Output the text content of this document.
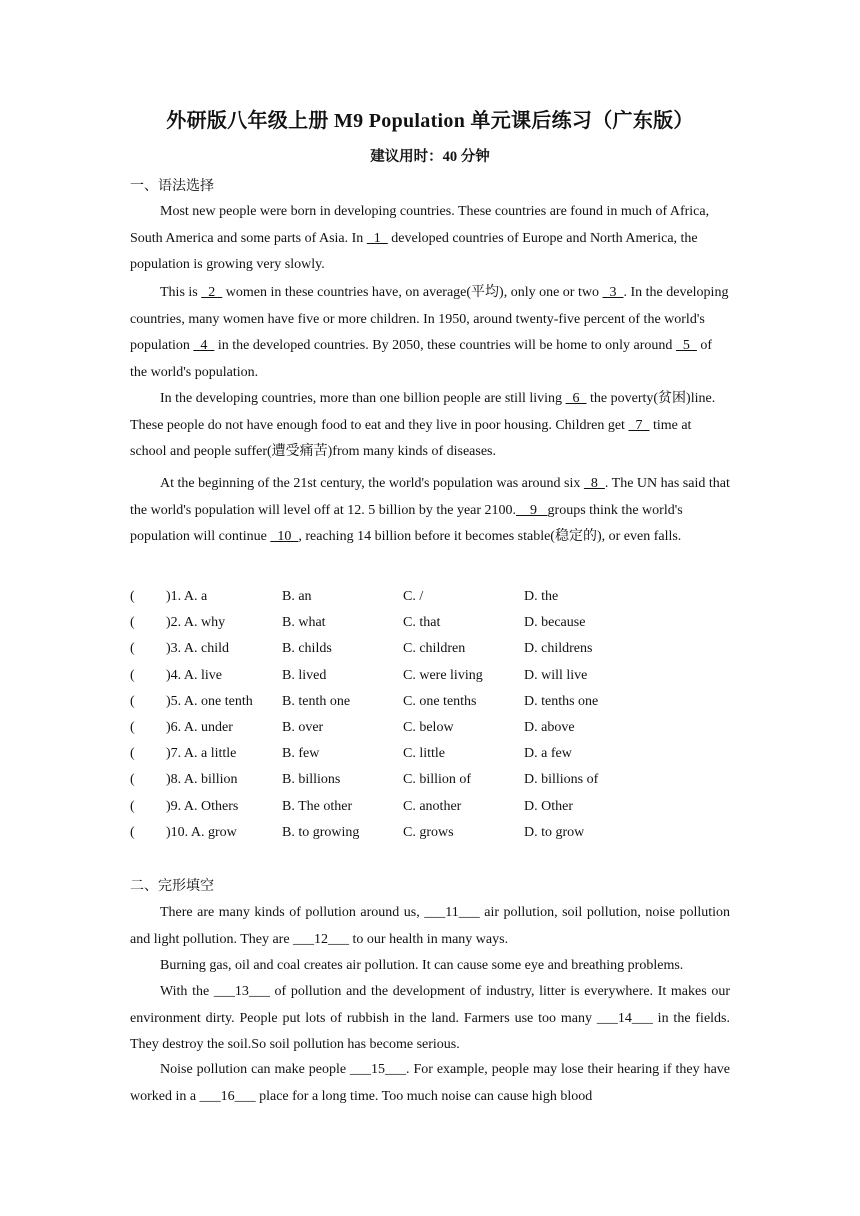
外研版八年级上册 M9 Population 单元课后练习（广东版）

建议用时：40 分钟

一、语法选择

Most new people were born in developing countries. These countries are found in much of Africa, South America and some parts of Asia. In   1   developed countries of Europe and North America, the population is growing very slowly.

This is   2   women in these countries have, on average(平均), only one or two   3  . In the developing countries, many women have five or more children. In 1950, around twenty-five percent of the world's population   4   in the developed countries. By 2050, these countries will be home to only around   5   of the world's population.

In the developing countries, more than one billion people are still living   6   the poverty(贫困)line. These people do not have enough food to eat and they live in poor housing. Children get   7   time at school and people suffer(遭受痛苦)from many kinds of diseases.

At the beginning of the 21st century, the world's population was around six   8  . The UN has said that the world's population will level off at 12. 5 billion by the year 2100.    9   groups think the world's population will continue   10  , reaching 14 billion before it becomes stable(稳定的), or even falls.

( )1. A. a	B. an	C. /	D. the
( )2. A. why	B. what	C. that	D. because
( )3. A. child	B. childs	C. children	D. childrens
( )4. A. live	B. lived	C. were living	D. will live
( )5. A. one tenth B. tenth one	C. one tenths	D. tenths one
( )6. A. under	B. over	C. below	D. above
( )7. A. a little	B. few	C. little	D. a few
( )8. A. billion	B. billions	C. billion of	D. billions of
( )9. A. Others	B. The other	C. another	D. Other
( )10. A. grow	B. to growing	C. grows	D. to grow

二、完形填空

There are many kinds of pollution around us, ___11___ air pollution, soil pollution, noise pollution and light pollution. They are ___12___ to our health in many ways.

Burning gas, oil and coal creates air pollution. It can cause some eye and breathing problems.

With the ___13___ of pollution and the development of industry, litter is everywhere. It makes our environment dirty. People put lots of rubbish in the land. Farmers use too many ___14___ in the fields. They destroy the soil.So soil pollution has become serious.

Noise pollution can make people ___15___. For example, people may lose their hearing if they have worked in a ___16___ place for a long time. Too much noise can cause high blood
